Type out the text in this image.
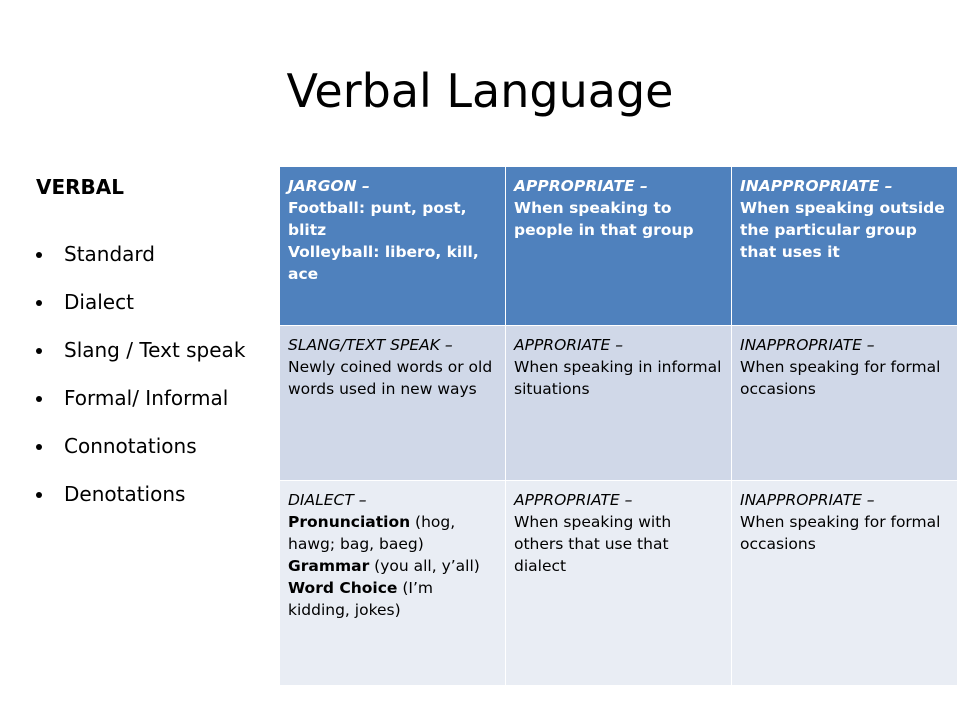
Verbal Language
VERBAL
Standard
Dialect
Slang / Text speak
Formal/ Informal
Connotations
Denotations
JARGON –
Football: punt, post, blitz
Volleyball: libero, kill, ace	APPROPRIATE –
When speaking to people in that group	INAPPROPRIATE –
When speaking outside the particular group that uses it

SLANG/TEXT SPEAK –
Newly coined words or old words used in new ways	APPRORIATE –
When speaking in informal situations	INAPPROPRIATE –
When speaking for formal occasions

DIALECT –
Pronunciation (hog, hawg; bag, baeg)
Grammar (you all, y’all)
Word Choice (I’m kidding, jokes)	APPROPRIATE –
When speaking with others that use that dialect	INAPPROPRIATE –
When speaking for formal occasions
